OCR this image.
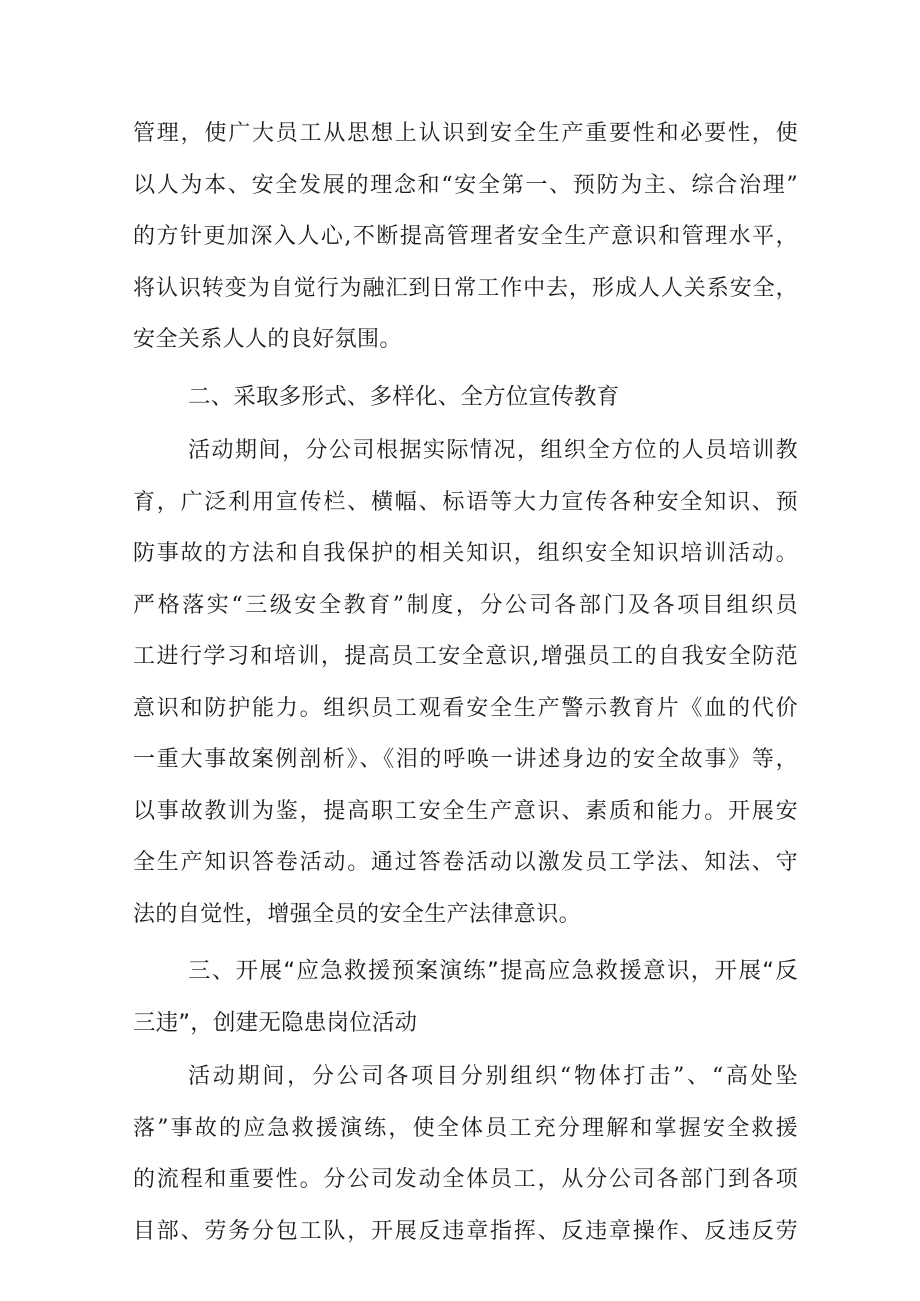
管理，使广大员工从思想上认识到安全生产重要性和必要性，使
以人为本、安全发展的理念和“安全第一、预防为主、综合治理”
的方针更加深入人心,不断提高管理者安全生产意识和管理水平，
将认识转变为自觉行为融汇到日常工作中去，形成人人关系安全，
安全关系人人的良好氛围。
二、采取多形式、多样化、全方位宣传教育
活动期间，分公司根据实际情况，组织全方位的人员培训教
育，广泛利用宣传栏、横幅、标语等大力宣传各种安全知识、预
防事故的方法和自我保护的相关知识，组织安全知识培训活动。
严格落实“三级安全教育”制度，分公司各部门及各项目组织员
工进行学习和培训，提高员工安全意识,增强员工的自我安全防范
意识和防护能力。组织员工观看安全生产警示教育片《血的代价
一重大事故案例剖析》、《泪的呼唤一讲述身边的安全故事》等，
以事故教训为鉴，提高职工安全生产意识、素质和能力。开展安
全生产知识答卷活动。通过答卷活动以激发员工学法、知法、守
法的自觉性，增强全员的安全生产法律意识。
三、开展“应急救援预案演练”提高应急救援意识，开展“反
三违”，创建无隐患岗位活动
活动期间，分公司各项目分别组织“物体打击”、“高处坠
落”事故的应急救援演练，使全体员工充分理解和掌握安全救援
的流程和重要性。分公司发动全体员工，从分公司各部门到各项
目部、劳务分包工队，开展反违章指挥、反违章操作、反违反劳
